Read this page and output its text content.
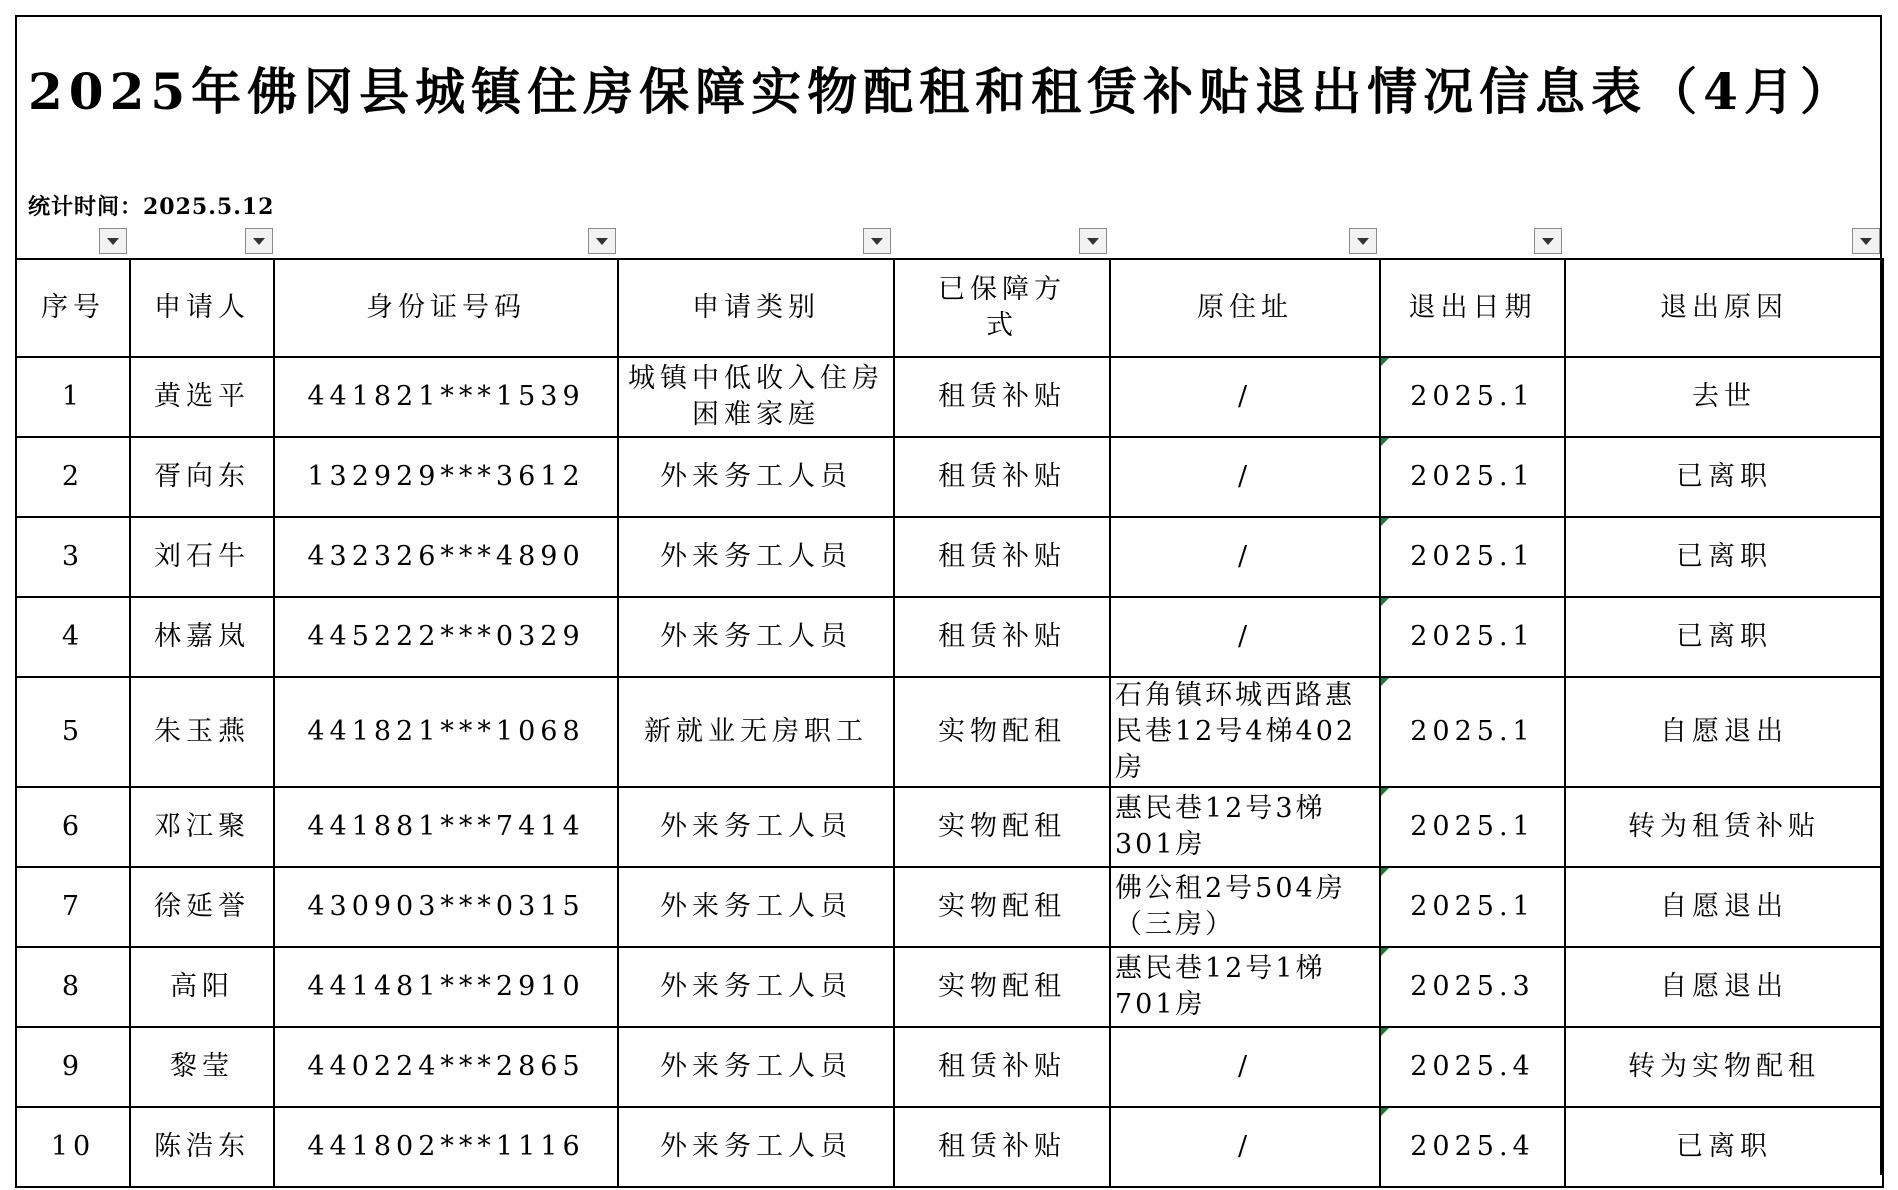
2025年佛冈县城镇住房保障实物配租和租赁补贴退出情况信息表（4月）
统计时间：2025.5.12
序号	申请人	身份证号码	申请类别	已保障方式	原住址	退出日期	退出原因
1	黄选平	441821***1539	城镇中低收入住房困难家庭	租赁补贴	/	2025.1	去世
2	胥向东	132929***3612	外来务工人员	租赁补贴	/	2025.1	已离职
3	刘石牛	432326***4890	外来务工人员	租赁补贴	/	2025.1	已离职
4	林嘉岚	445222***0329	外来务工人员	租赁补贴	/	2025.1	已离职
5	朱玉燕	441821***1068	新就业无房职工	实物配租	石角镇环城西路惠民巷12号4梯402房	2025.1	自愿退出
6	邓江聚	441881***7414	外来务工人员	实物配租	惠民巷12号3梯301房	2025.1	转为租赁补贴
7	徐延誉	430903***0315	外来务工人员	实物配租	佛公租2号504房（三房）	2025.1	自愿退出
8	高阳	441481***2910	外来务工人员	实物配租	惠民巷12号1梯701房	2025.3	自愿退出
9	黎莹	440224***2865	外来务工人员	租赁补贴	/	2025.4	转为实物配租
10	陈浩东	441802***1116	外来务工人员	租赁补贴	/	2025.4	已离职
